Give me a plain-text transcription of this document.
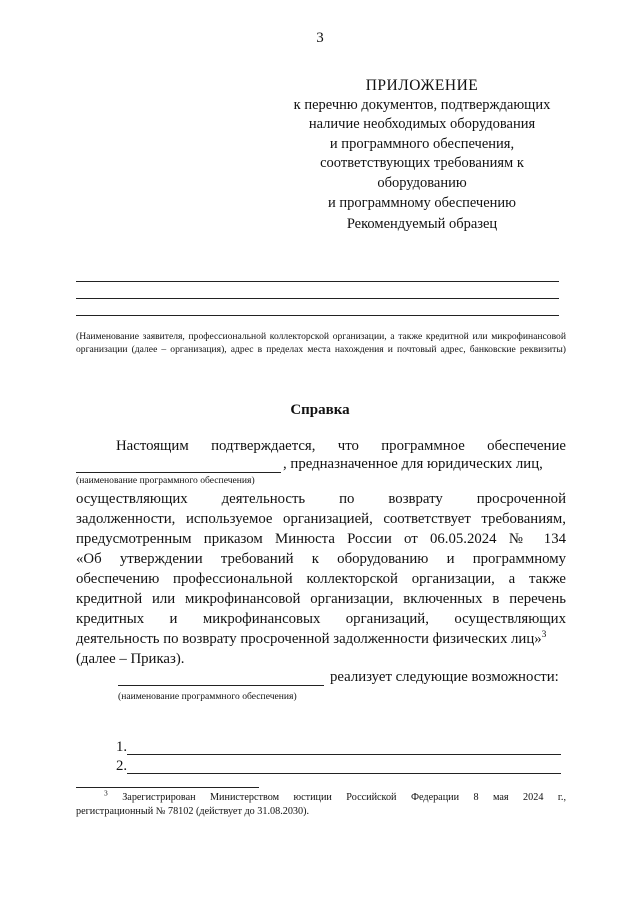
3
ПРИЛОЖЕНИЕ
к перечню документов, подтверждающих
наличие необходимых оборудования
и программного обеспечения,
соответствующих требованиям к
оборудованию
и программному обеспечению
Рекомендуемый образец
(Наименование заявителя, профессиональной коллекторской организации, а также кредитной или микрофинансовой организации (далее – организация), адрес в пределах места нахождения и почтовый адрес, банковские реквизиты)
Справка
Настоящим подтверждается, что программное обеспечение
, предназначенное для юридических лиц,
(наименование программного обеспечения)
осуществляющих деятельность по возврату просроченной
задолженности, используемое организацией, соответствует требованиям,
предусмотренным приказом Минюста России от 06.05.2024 № 134
«Об утверждении требований к оборудованию и программному
обеспечению профессиональной коллекторской организации, а также
кредитной или микрофинансовой организации, включенных в перечень
кредитных и микрофинансовых организаций, осуществляющих
деятельность по возврату просроченной задолженности физических лиц»$^3$
(далее – Приказ).
реализует следующие возможности:
(наименование программного обеспечения)
1.
2.
$^3$ Зарегистрирован Министерством юстиции Российской Федерации 8 мая 2024 г.,
регистрационный № 78102 (действует до 31.08.2030).
